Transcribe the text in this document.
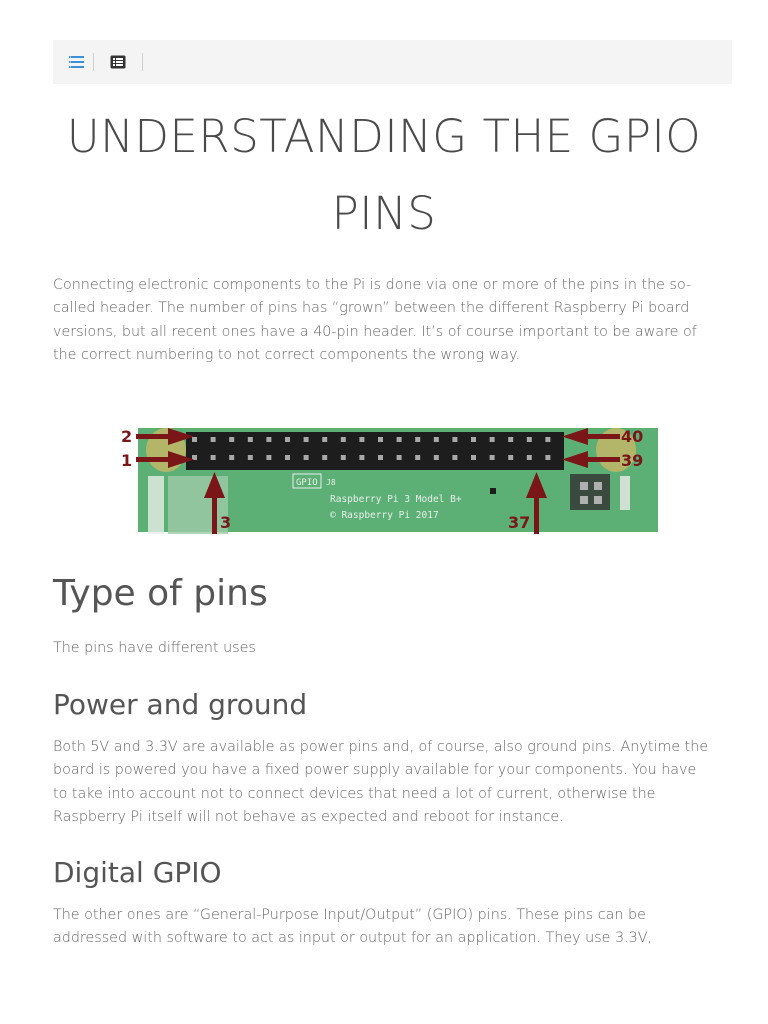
UNDERSTANDING THE GPIO
PINS

Connecting electronic components to the Pi is done via one or more of the pins in the so-called header. The number of pins has “grown” between the different Raspberry Pi board versions, but all recent ones have a 40-pin header. It’s of course important to be aware of the correct numbering to not correct components the wrong way.

GPIO J8
Raspberry Pi 3 Model B+
© Raspberry Pi 2017
2
1
40
39
3	37
Type of pins

The pins have different uses

Power and ground

Both 5V and 3.3V are available as power pins and, of course, also ground pins. Anytime the board is powered you have a fixed power supply available for your components. You have to take into account not to connect devices that need a lot of current, otherwise the Raspberry Pi itself will not behave as expected and reboot for instance.

Digital GPIO

The other ones are “General-Purpose Input/Output” (GPIO) pins. These pins can be addressed with software to act as input or output for an application. They use 3.3V,
